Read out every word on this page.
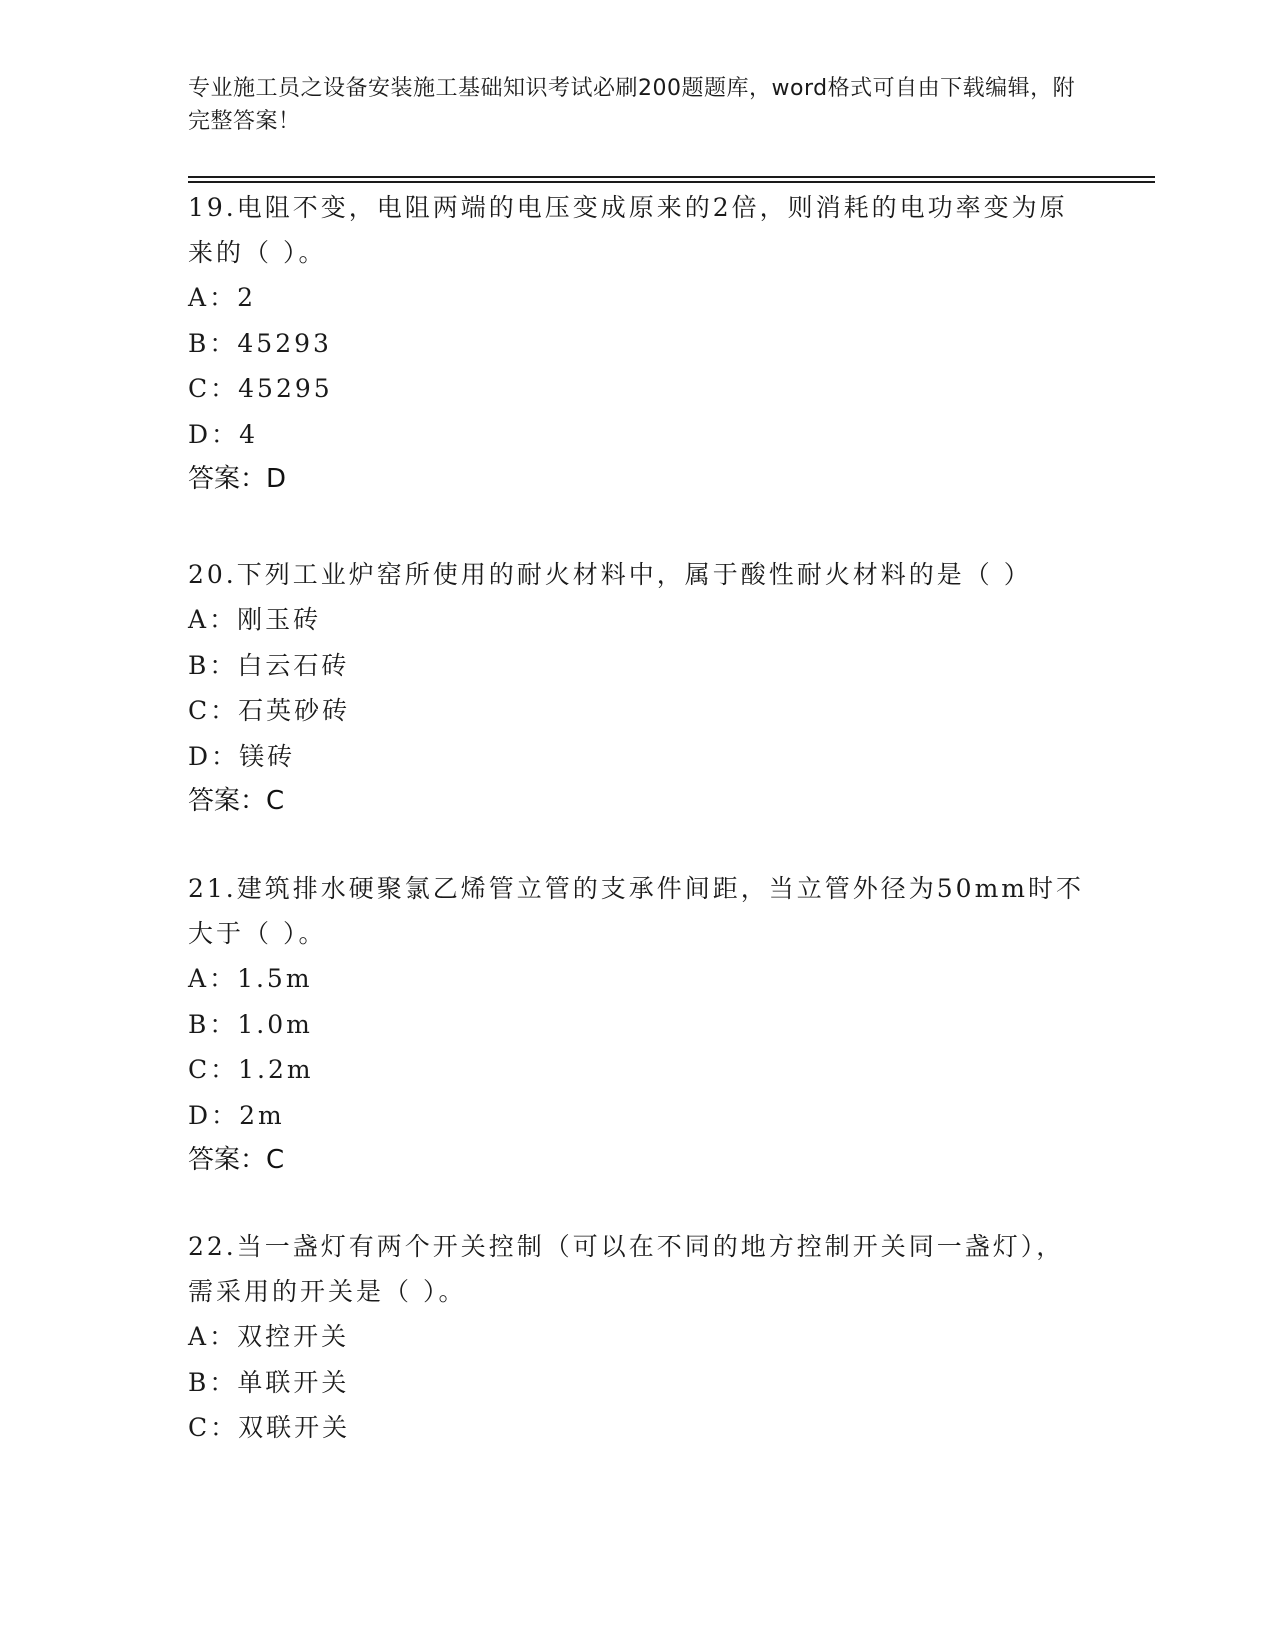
专业施工员之设备安装施工基础知识考试必刷200题题库，word格式可自由下载编辑，附完整答案！

19.电阻不变，电阻两端的电压变成原来的2倍，则消耗的电功率变为原来的（ ）。

A：2
B：45293
C：45295
D：4
答案：D

20.下列工业炉窑所使用的耐火材料中，属于酸性耐火材料的是（ ）

A：刚玉砖
B：白云石砖
C：石英砂砖
D：镁砖
答案：C

21.建筑排水硬聚氯乙烯管立管的支承件间距，当立管外径为50mm时不大于（ ）。

A：1.5m
B：1.0m
C：1.2m
D：2m
答案：C

22.当一盏灯有两个开关控制（可以在不同的地方控制开关同一盏灯），需采用的开关是（ ）。

A：双控开关
B：单联开关
C：双联开关
